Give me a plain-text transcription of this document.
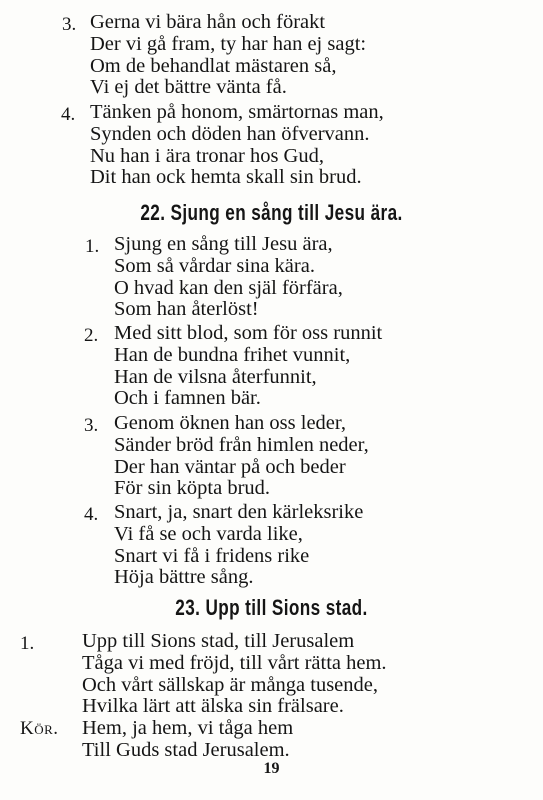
3. Gerna vi bära hån och förakt
Der vi gå fram, ty har han ej sagt:
Om de behandlat mästaren så,
Vi ej det bättre vänta få.
4. Tänken på honom, smärtornas man,
Synden och döden han öfvervann.
Nu han i ära tronar hos Gud,
Dit han ock hemta skall sin brud.
22. Sjung en sång till Jesu ära.
1. Sjung en sång till Jesu ära,
Som så vårdar sina kära.
O hvad kan den själ förfära,
Som han återlöst!
2. Med sitt blod, som för oss runnit
Han de bundna frihet vunnit,
Han de vilsna återfunnit,
Och i famnen bär.
3. Genom öknen han oss leder,
Sänder bröd från himlen neder,
Der han väntar på och beder
För sin köpta brud.
4. Snart, ja, snart den kärleksrike
Vi få se och varda like,
Snart vi få i fridens rike
Höja bättre sång.
23. Upp till Sions stad.
1. Upp till Sions stad, till Jerusalem
Tåga vi med fröjd, till vårt rätta hem.
Och vårt sällskap är många tusende,
Hvilka lärt att älska sin frälsare.
Kör. Hem, ja hem, vi tåga hem
Till Guds stad Jerusalem.
19
